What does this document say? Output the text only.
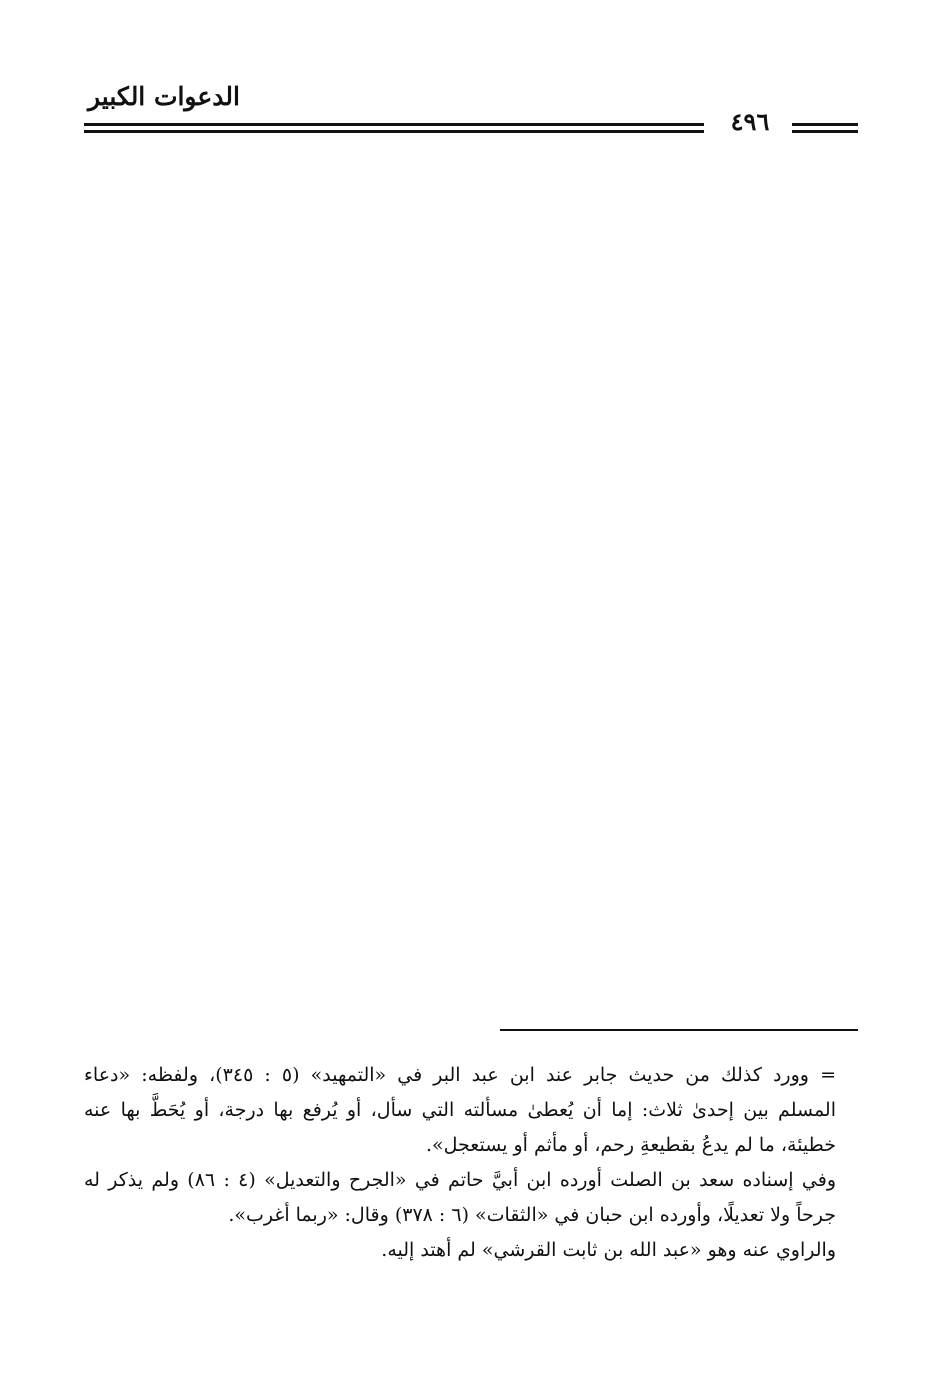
الدعوات الكبير
٤٩٦
= وورد كذلك من حديث جابر عند ابن عبد البر في «التمهيد» (٥ : ٣٤٥)، ولفظه: «دعاء
المسلم بين إحدىٰ ثلاث: إما أن يُعطىٰ مسألته التي سأل، أو يُرفع بها درجة، أو يُحَطَّ بها عنه
خطيئة، ما لم يدعُ بقطيعةِ رحم، أو مأثم أو يستعجل».
وفي إسناده سعد بن الصلت أورده ابن أبيَّ حاتم في «الجرح والتعديل» (٤ : ٨٦) ولم يذكر له
جرحاً ولا تعديلًا، وأورده ابن حبان في «الثقات» (٦ : ٣٧٨) وقال: «ربما أغرب».
والراوي عنه وهو «عبد الله بن ثابت القرشي» لم أهتد إليه.
